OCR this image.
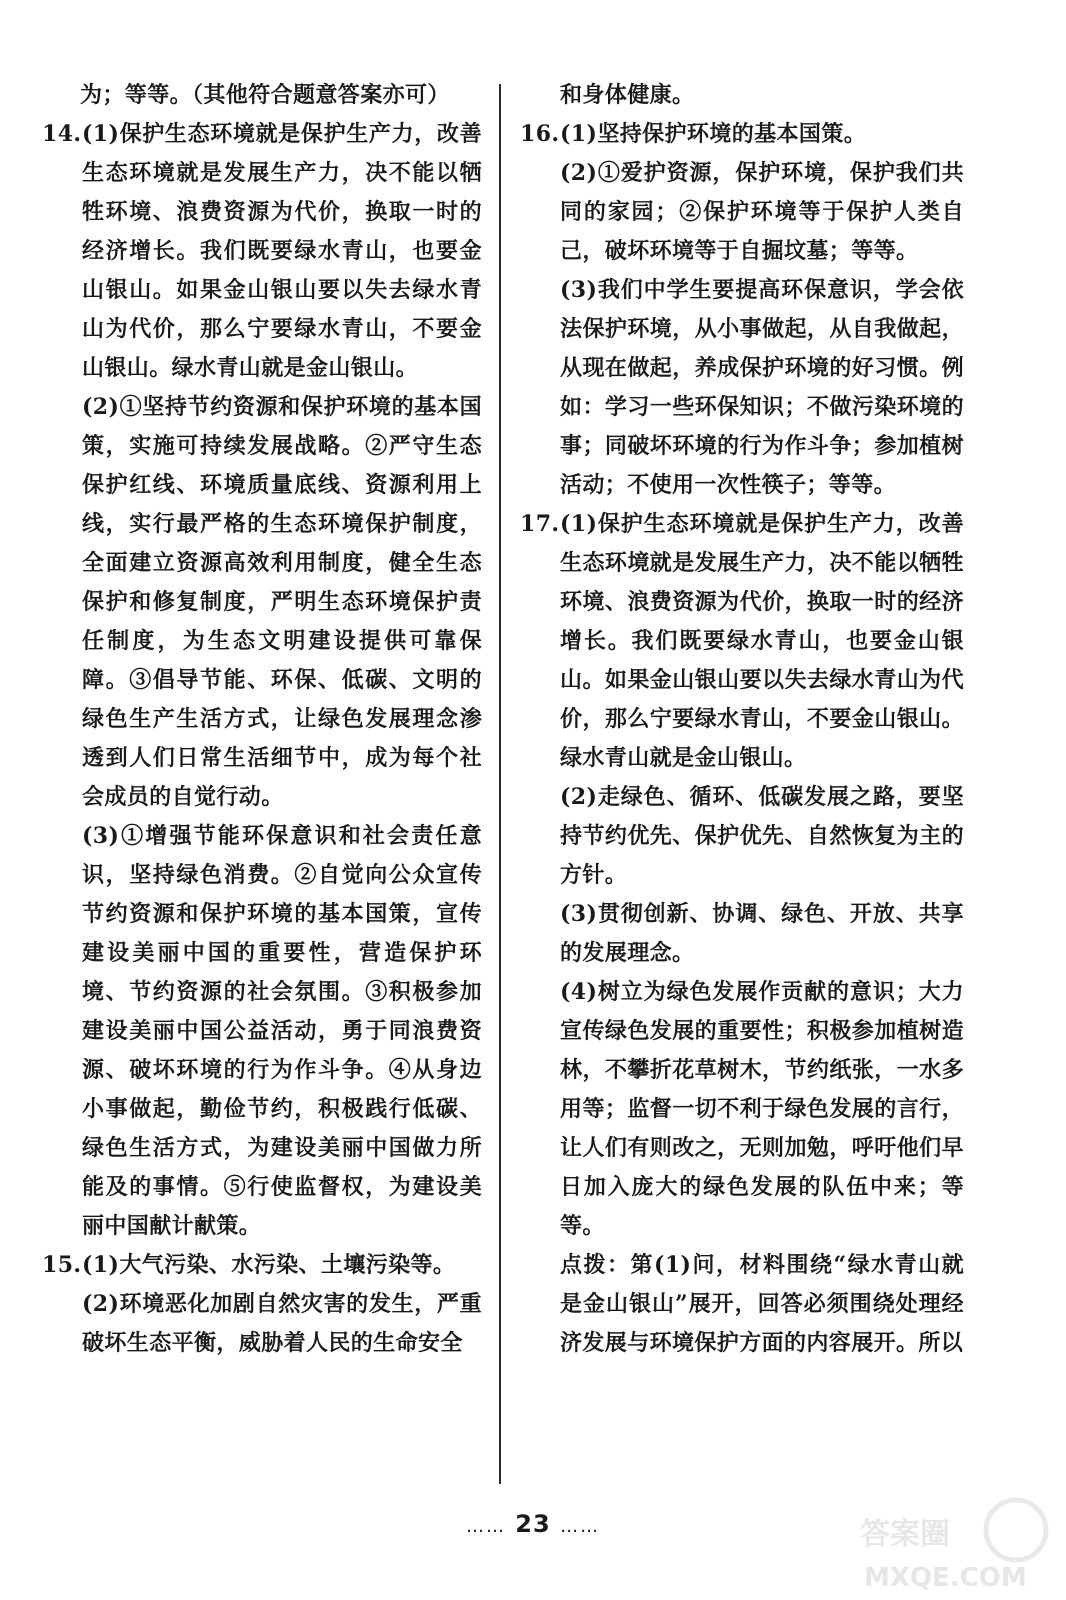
为；等等。（其他符合题意答案亦可）
14.(1)保护生态环境就是保护生产力，改善生态环境就是发展生产力，决不能以牺牲环境、浪费资源为代价，换取一时的经济增长。我们既要绿水青山，也要金山银山。如果金山银山要以失去绿水青山为代价，那么宁要绿水青山，不要金山银山。绿水青山就是金山银山。
(2)①坚持节约资源和保护环境的基本国策，实施可持续发展战略。②严守生态保护红线、环境质量底线、资源利用上线，实行最严格的生态环境保护制度，全面建立资源高效利用制度，健全生态保护和修复制度，严明生态环境保护责任制度，为生态文明建设提供可靠保障。③倡导节能、环保、低碳、文明的绿色生产生活方式，让绿色发展理念渗透到人们日常生活细节中，成为每个社会成员的自觉行动。
(3)①增强节能环保意识和社会责任意识，坚持绿色消费。②自觉向公众宣传节约资源和保护环境的基本国策，宣传建设美丽中国的重要性，营造保护环境、节约资源的社会氛围。③积极参加建设美丽中国公益活动，勇于同浪费资源、破坏环境的行为作斗争。④从身边小事做起，勤俭节约，积极践行低碳、绿色生活方式，为建设美丽中国做力所能及的事情。⑤行使监督权，为建设美丽中国献计献策。
15.(1)大气污染、水污染、土壤污染等。
(2)环境恶化加剧自然灾害的发生，严重破坏生态平衡，威胁着人民的生命安全
和身体健康。
16.(1)坚持保护环境的基本国策。
(2)①爱护资源，保护环境，保护我们共同的家园；②保护环境等于保护人类自己，破坏环境等于自掘坟墓；等等。
(3)我们中学生要提高环保意识，学会依法保护环境，从小事做起，从自我做起，从现在做起，养成保护环境的好习惯。例如：学习一些环保知识；不做污染环境的事；同破坏环境的行为作斗争；参加植树活动；不使用一次性筷子；等等。
17.(1)保护生态环境就是保护生产力，改善生态环境就是发展生产力，决不能以牺牲环境、浪费资源为代价，换取一时的经济增长。我们既要绿水青山，也要金山银山。如果金山银山要以失去绿水青山为代价，那么宁要绿水青山，不要金山银山。绿水青山就是金山银山。
(2)走绿色、循环、低碳发展之路，要坚持节约优先、保护优先、自然恢复为主的方针。
(3)贯彻创新、协调、绿色、开放、共享的发展理念。
(4)树立为绿色发展作贡献的意识；大力宣传绿色发展的重要性；积极参加植树造林，不攀折花草树木，节约纸张，一水多用等；监督一切不利于绿色发展的言行，让人们有则改之，无则加勉，呼吁他们早日加入庞大的绿色发展的队伍中来；等等。
点拨：第(1)问，材料围绕“绿水青山就是金山银山”展开，回答必须围绕处理经济发展与环境保护方面的内容展开。所以
…… 23 ……	答案圈
MXQE.COM
